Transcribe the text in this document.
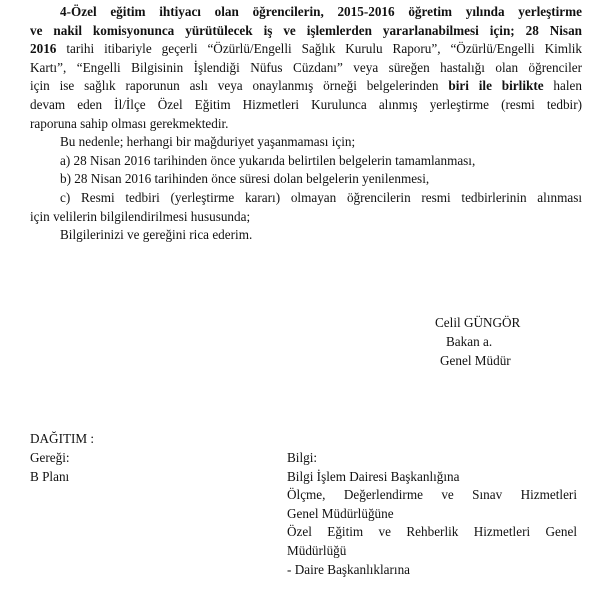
4-Özel eğitim ihtiyacı olan öğrencilerin, 2015-2016 öğretim yılında yerleştirme
ve nakil komisyonunca yürütülecek iş ve işlemlerden yararlanabilmesi için; 28 Nisan
2016 tarihi itibariyle geçerli “Özürlü/Engelli Sağlık Kurulu Raporu”, “Özürlü/Engelli Kimlik
Kartı”, “Engelli Bilgisinin İşlendiği Nüfus Cüzdanı” veya süreğen hastalığı olan öğrenciler
için ise sağlık raporunun aslı veya onaylanmış örneği belgelerinden biri ile birlikte halen
devam eden İl/İlçe Özel Eğitim Hizmetleri Kurulunca alınmış yerleştirme (resmi tedbir)
raporuna sahip olması gerekmektedir.
Bu nedenle; herhangi bir mağduriyet yaşanmaması için;
a) 28 Nisan 2016 tarihinden önce yukarıda belirtilen belgelerin tamamlanması,
b) 28 Nisan 2016 tarihinden önce süresi dolan belgelerin yenilenmesi,
c) Resmi tedbiri (yerleştirme kararı) olmayan öğrencilerin resmi tedbirlerinin alınması
için velilerin bilgilendirilmesi hususunda;
Bilgilerinizi ve gereğini rica ederim.
Celil GÜNGÖR
Bakan a.
Genel Müdür
DAĞITIM :
Gereği:
B Planı
Bilgi:
Bilgi İşlem Dairesi Başkanlığına
Ölçme, Değerlendirme ve Sınav Hizmetleri
Genel Müdürlüğüne
Özel Eğitim ve Rehberlik Hizmetleri Genel
Müdürlüğü
- Daire Başkanlıklarına
